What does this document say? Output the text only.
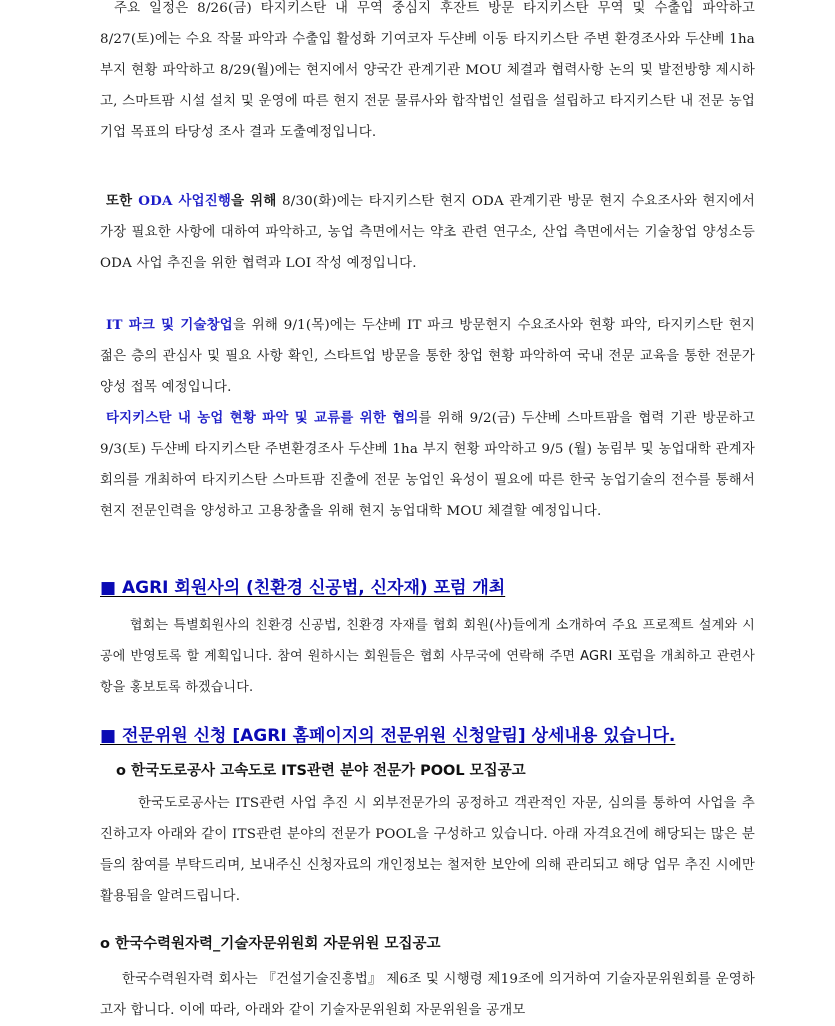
주요 일정은 8/26(금) 타지키스탄 내 무역 중심지 후잔트 방문 타지키스탄 무역 및 수출입 파악하고 8/27(토)에는 수요 작물 파악과 수출입 활성화 기여코자 두샨베 이동 타지키스탄 주변 환경조사와 두샨베 1ha 부지 현황 파악하고 8/29(월)에는 현지에서 양국간 관계기관 MOU 체결과 협력사항 논의 및 발전방향 제시하고, 스마트팜 시설 설치 및 운영에 따른 현지 전문 물류사와 합작법인 설립을 설립하고 타지키스탄 내 전문 농업 기업 목표의 타당성 조사 결과 도출예정입니다.

또한 ODA 사업진행을 위해 8/30(화)에는 타지키스탄 현지 ODA 관계기관 방문 현지 수요조사와 현지에서 가장 필요한 사항에 대하여 파악하고, 농업 측면에서는 약초 관련 연구소, 산업 측면에서는 기술창업 양성소등 ODA 사업 추진을 위한 협력과 LOI 작성 예정입니다.

IT 파크 및 기술창업을 위해 9/1(목)에는 두샨베 IT 파크 방문현지 수요조사와 현황 파악, 타지키스탄 현지 젊은 층의 관심사 및 필요 사항 확인, 스타트업 방문을 통한 창업 현황 파악하여 국내 전문 교육을 통한 전문가 양성 접목 예정입니다.

타지키스탄 내 농업 현황 파악 및 교류를 위한 협의를 위해 9/2(금) 두샨베 스마트팜을 협력 기관 방문하고 9/3(토) 두샨베 타지키스탄 주변환경조사 두샨베 1ha 부지 현황 파악하고 9/5 (월) 농림부 및 농업대학 관계자 회의를 개최하여 타지키스탄 스마트팜 진출에 전문 농업인 육성이 필요에 따른 한국 농업기술의 전수를 통해서 현지 전문인력을 양성하고 고용창출을 위해 현지 농업대학 MOU 체결할 예정입니다.

■ AGRI 회원사의 (친환경 신공법, 신자재) 포럼 개최

협회는 특별회원사의 친환경 신공법, 친환경 자재를 협회 회원(사)들에게 소개하여 주요 프로젝트 설계와 시공에 반영토록 할 계획입니다. 참여 원하시는 회원들은 협회 사무국에 연락해 주면 AGRI 포럼을 개최하고 관련사항을 홍보토록 하겠습니다.

■ 전문위원 신청 [AGRI 홈페이지의 전문위원 신청알림] 상세내용 있습니다.
o 한국도로공사 고속도로 ITS관련 분야 전문가 POOL 모집공고

한국도로공사는 ITS관련 사업 추진 시 외부전문가의 공정하고 객관적인 자문, 심의를 통하여 사업을 추진하고자 아래와 같이 ITS관련 분야의 전문가 POOL을 구성하고 있습니다. 아래 자격요건에 해당되는 많은 분들의 참여를 부탁드리며, 보내주신 신청자료의 개인정보는 철저한 보안에 의해 관리되고 해당 업무 추진 시에만 활용됨을 알려드립니다.

o 한국수력원자력_기술자문위원회 자문위원 모집공고

한국수력원자력 회사는 『건설기술진흥법』 제6조 및 시행령 제19조에 의거하여 기술자문위원회를 운영하고자 합니다. 이에 따라, 아래와 같이 기술자문위원회 자문위원을 공개모
